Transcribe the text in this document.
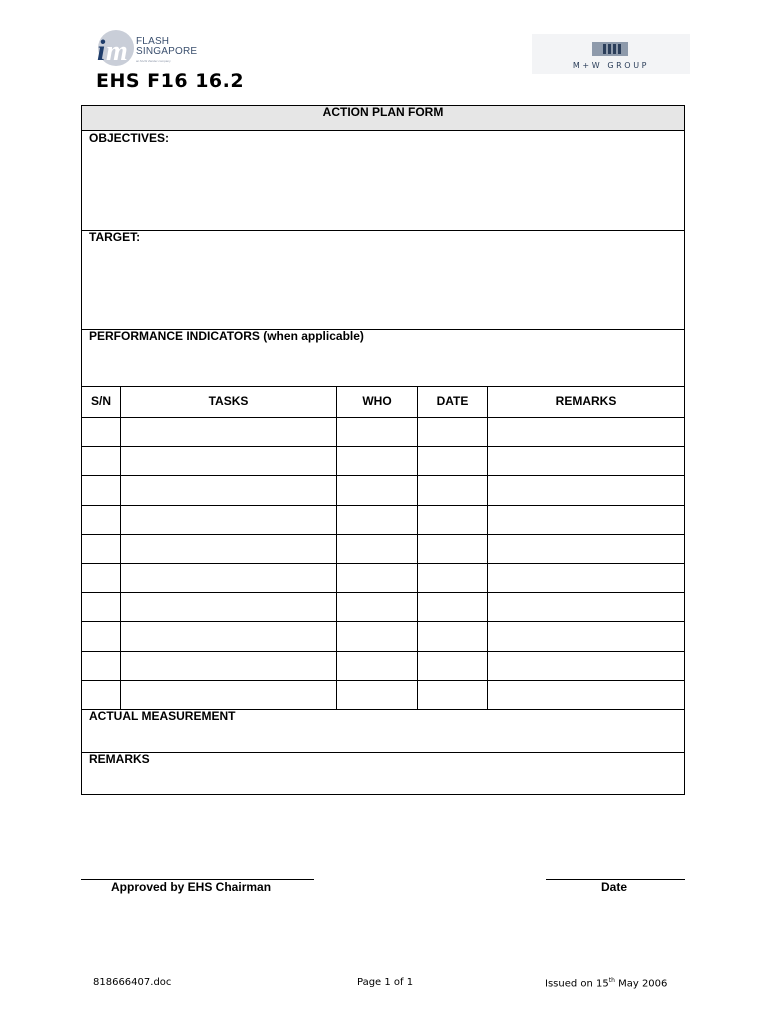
i m FLASH
SINGAPORE
an M+W Zander company	M+W GROUP
EHS F16 16.2
ACTION PLAN FORM
OBJECTIVES:
TARGET:
PERFORMANCE INDICATORS (when applicable)
S/N	TASKS	WHO	DATE	REMARKS
ACTUAL MEASUREMENT
REMARKS
Approved by EHS Chairman	Date
818666407.doc	Page 1 of 1	Issued on 15th May 2006
